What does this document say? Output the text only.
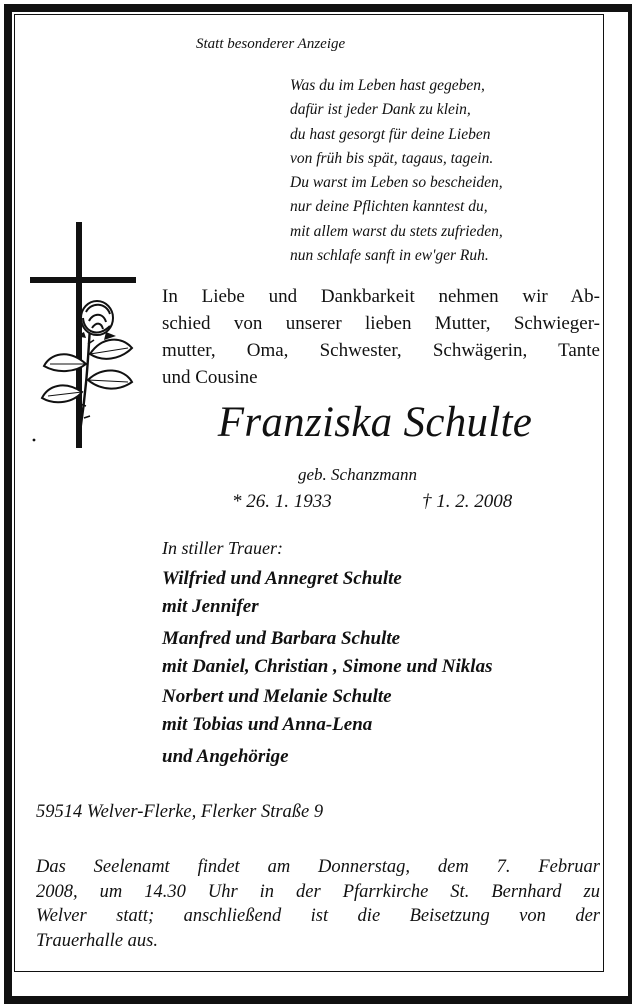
Statt besonderer Anzeige
Was du im Leben hast gegeben,
dafür ist jeder Dank zu klein,
du hast gesorgt für deine Lieben
von früh bis spät, tagaus, tagein.
Du warst im Leben so bescheiden,
nur deine Pflichten kanntest du,
mit allem warst du stets zufrieden,
nun schlafe sanft in ew'ger Ruh.
In Liebe und Dankbarkeit nehmen wir Ab-
schied von unserer lieben Mutter, Schwieger-
mutter, Oma, Schwester, Schwägerin, Tante
und Cousine
Franziska Schulte
geb. Schanzmann
* 26. 1. 1933	† 1. 2. 2008
In stiller Trauer:
Wilfried und Annegret Schulte
mit Jennifer
Manfred und Barbara Schulte
mit Daniel, Christian , Simone und Niklas
Norbert und Melanie Schulte
mit Tobias und Anna-Lena
und Angehörige
59514 Welver-Flerke, Flerker Straße 9
Das Seelenamt findet am Donnerstag, dem 7. Februar
2008, um 14.30 Uhr in der Pfarrkirche St. Bernhard zu
Welver statt; anschließend ist die Beisetzung von der
Trauerhalle aus.
